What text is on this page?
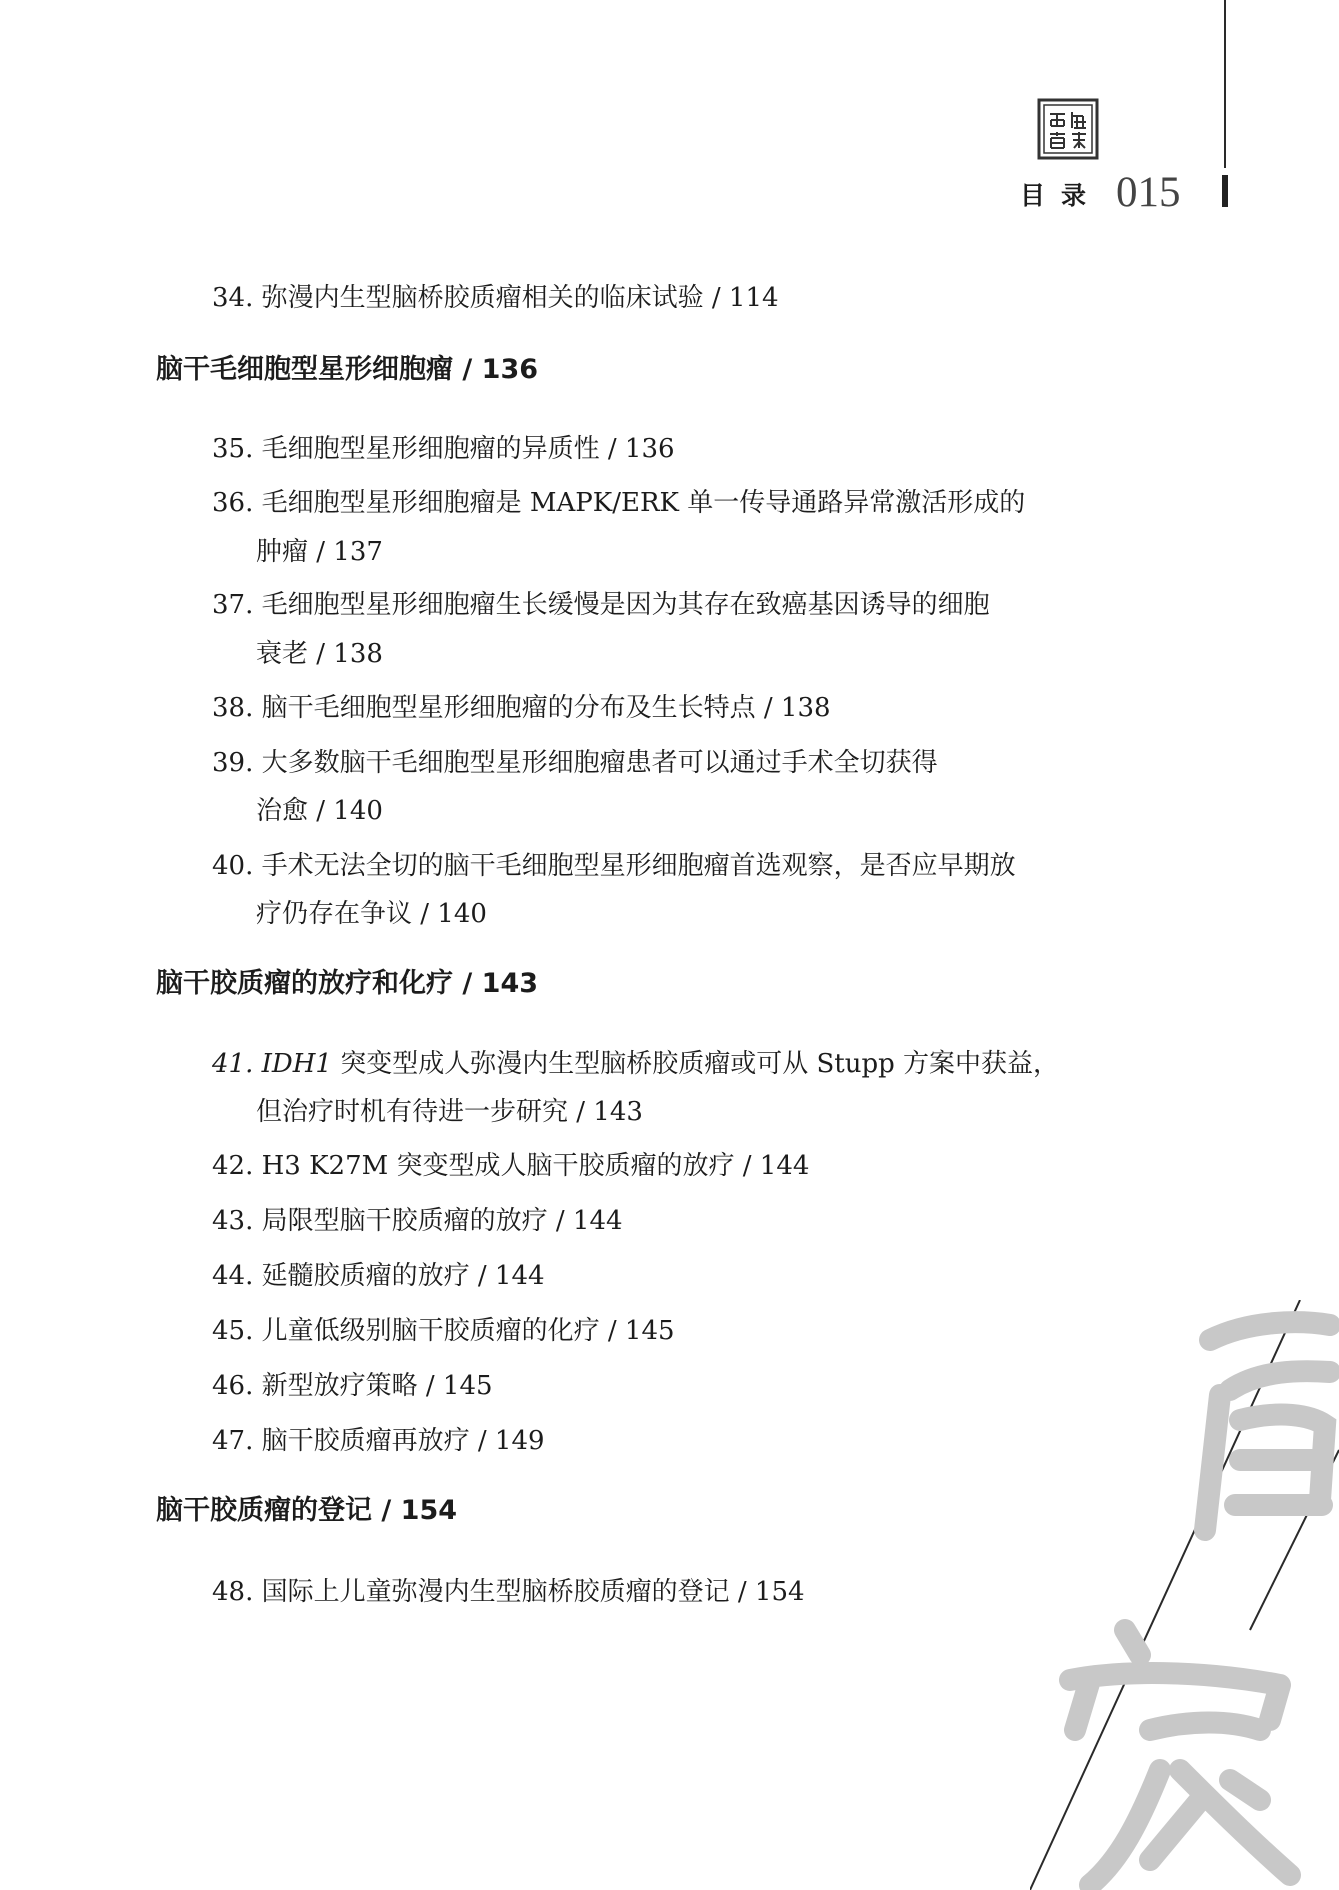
目录 015
34. 弥漫内生型脑桥胶质瘤相关的临床试验 / 114
脑干毛细胞型星形细胞瘤 / 136
35. 毛细胞型星形细胞瘤的异质性 / 136
36. 毛细胞型星形细胞瘤是 MAPK/ERK 单一传导通路异常激活形成的
肿瘤 / 137
37. 毛细胞型星形细胞瘤生长缓慢是因为其存在致癌基因诱导的细胞
衰老 / 138
38. 脑干毛细胞型星形细胞瘤的分布及生长特点 / 138
39. 大多数脑干毛细胞型星形细胞瘤患者可以通过手术全切获得
治愈 / 140
40. 手术无法全切的脑干毛细胞型星形细胞瘤首选观察，是否应早期放
疗仍存在争议 / 140
脑干胶质瘤的放疗和化疗 / 143
41. IDH1 突变型成人弥漫内生型脑桥胶质瘤或可从 Stupp 方案中获益，
但治疗时机有待进一步研究 / 143
42. H3 K27M 突变型成人脑干胶质瘤的放疗 / 144
43. 局限型脑干胶质瘤的放疗 / 144
44. 延髓胶质瘤的放疗 / 144
45. 儿童低级别脑干胶质瘤的化疗 / 145
46. 新型放疗策略 / 145
47. 脑干胶质瘤再放疗 / 149
脑干胶质瘤的登记 / 154
48. 国际上儿童弥漫内生型脑桥胶质瘤的登记 / 154
